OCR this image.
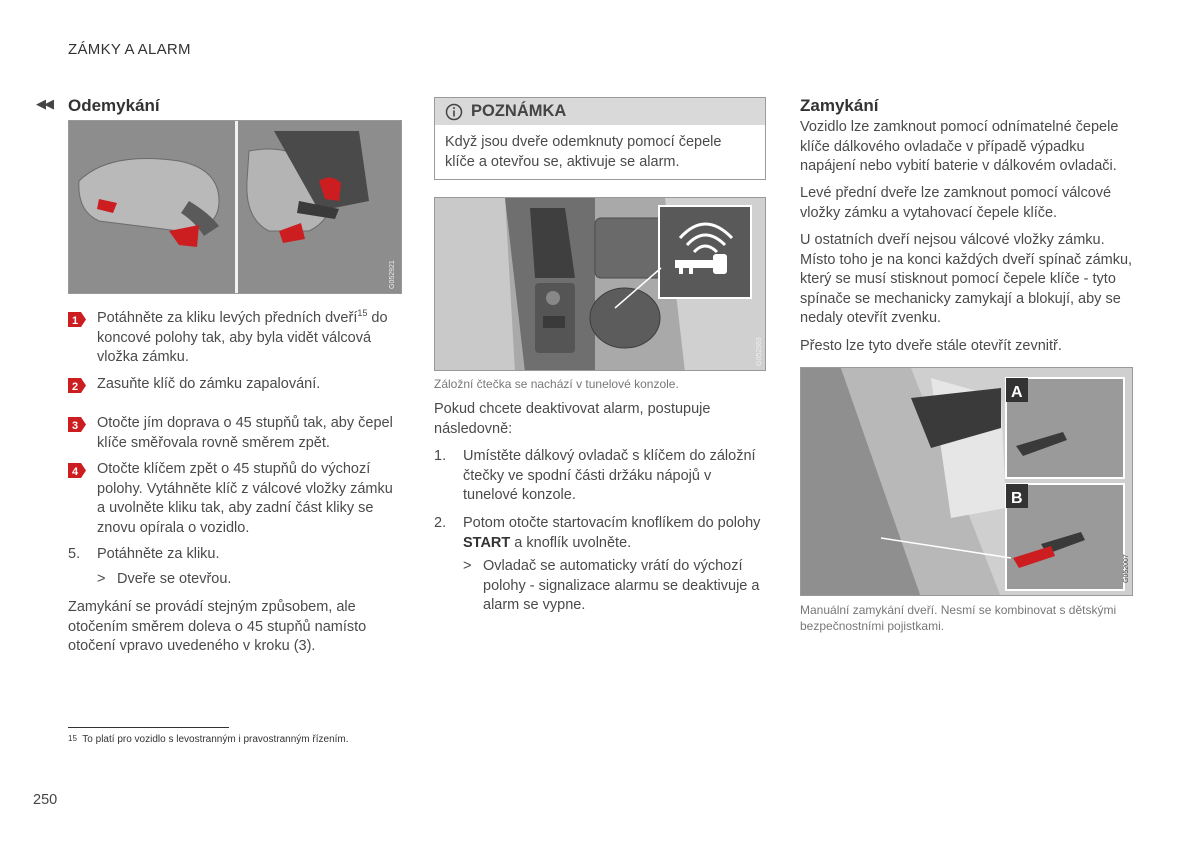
ZÁMKY A ALARM
◀◀ Odemykání
G052921
1 Potáhněte za kliku levých předních dveří$^{15}$ do koncové polohy tak, aby byla vidět válcová vložka zámku.
2 Zasuňte klíč do zámku zapalování.
3 Otočte jím doprava o 45 stupňů tak, aby čepel klíče směřovala rovně směrem zpět.
4 Otočte klíčem zpět o 45 stupňů do výchozí polohy. Vytáhněte klíč z válcové vložky zámku a uvolněte kliku tak, aby zadní část kliky se znovu opírala o vozidlo.
5. Potáhněte za kliku.
> Dveře se otevřou.
Zamykání se provádí stejným způsobem, ale otočením směrem doleva o 45 stupňů namísto otočení vpravo uvedeného v kroku (3).
POZNÁMKA
Když jsou dveře odemknuty pomocí čepele klíče a otevřou se, aktivuje se alarm.
G052983
Záložní čtečka se nachází v tunelové konzole.
Pokud chcete deaktivovat alarm, postupuje následovně:
1. Umístěte dálkový ovladač s klíčem do záložní čtečky ve spodní části držáku nápojů v tunelové konzole.
2. Potom otočte startovacím knoflíkem do polohy START a knoflík uvolněte.
> Ovladač se automaticky vrátí do výchozí polohy - signalizace alarmu se deaktivuje a alarm se vypne.
Zamykání
Vozidlo lze zamknout pomocí odnímatelné čepele klíče dálkového ovladače v případě výpadku napájení nebo vybití baterie v dálkovém ovladači.
Levé přední dveře lze zamknout pomocí válcové vložky zámku a vytahovací čepele klíče.
U ostatních dveří nejsou válcové vložky zámku. Místo toho je na konci každých dveří spínač zámku, který se musí stisknout pomocí čepele klíče - tyto spínače se mechanicky zamykají a blokují, aby se nedaly otevřít zvenku.
Přesto lze tyto dveře stále otevřít zevnitř.
A
B
G052007
Manuální zamykání dveří. Nesmí se kombinovat s dětskými bezpečnostními pojistkami.
$^{15}$ To platí pro vozidlo s levostranným i pravostranným řízením.
250
